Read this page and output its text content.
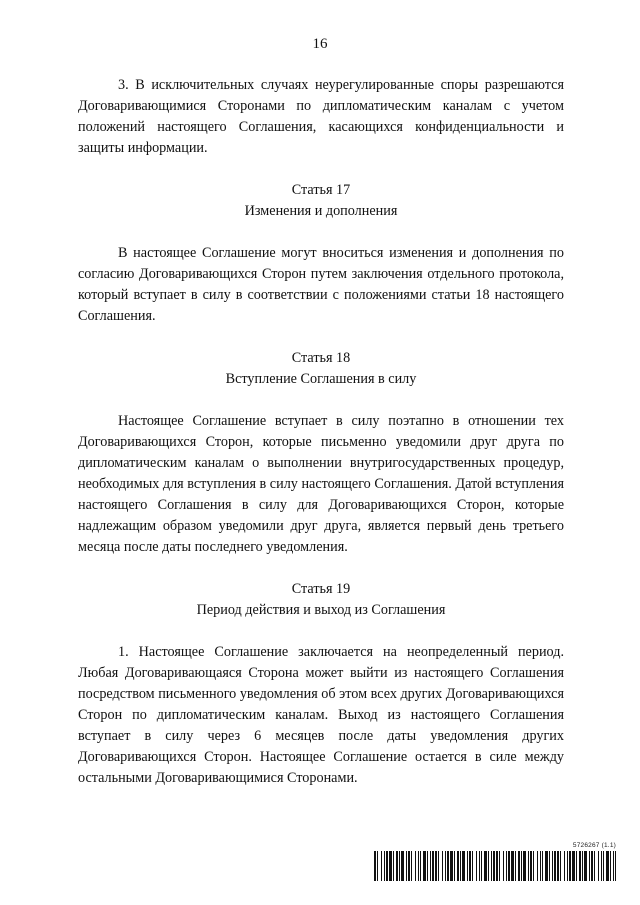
16

3. В исключительных случаях неурегулированные споры разрешаются Договаривающимися Сторонами по дипломатическим каналам с учетом положений настоящего Соглашения, касающихся конфиденциальности и защиты информации.

Статья 17
Изменения и дополнения

В настоящее Соглашение могут вноситься изменения и дополнения по согласию Договаривающихся Сторон путем заключения отдельного протокола, который вступает в силу в соответствии с положениями статьи 18 настоящего Соглашения.

Статья 18
Вступление Соглашения в силу

Настоящее Соглашение вступает в силу поэтапно в отношении тех Договаривающихся Сторон, которые письменно уведомили друг друга по дипломатическим каналам о выполнении внутригосударственных процедур, необходимых для вступления в силу настоящего Соглашения. Датой вступления настоящего Соглашения в силу для Договаривающихся Сторон, которые надлежащим образом уведомили друг друга, является первый день третьего месяца после даты последнего уведомления.

Статья 19
Период действия и выход из Соглашения

1. Настоящее Соглашение заключается на неопределенный период. Любая Договаривающаяся Сторона может выйти из настоящего Соглашения посредством письменного уведомления об этом всех других Договаривающихся Сторон по дипломатическим каналам. Выход из настоящего Соглашения вступает в силу через 6 месяцев после даты уведомления других Договаривающихся Сторон. Настоящее Соглашение остается в силе между остальными Договаривающимися Сторонами.

5726267 (1.1)
